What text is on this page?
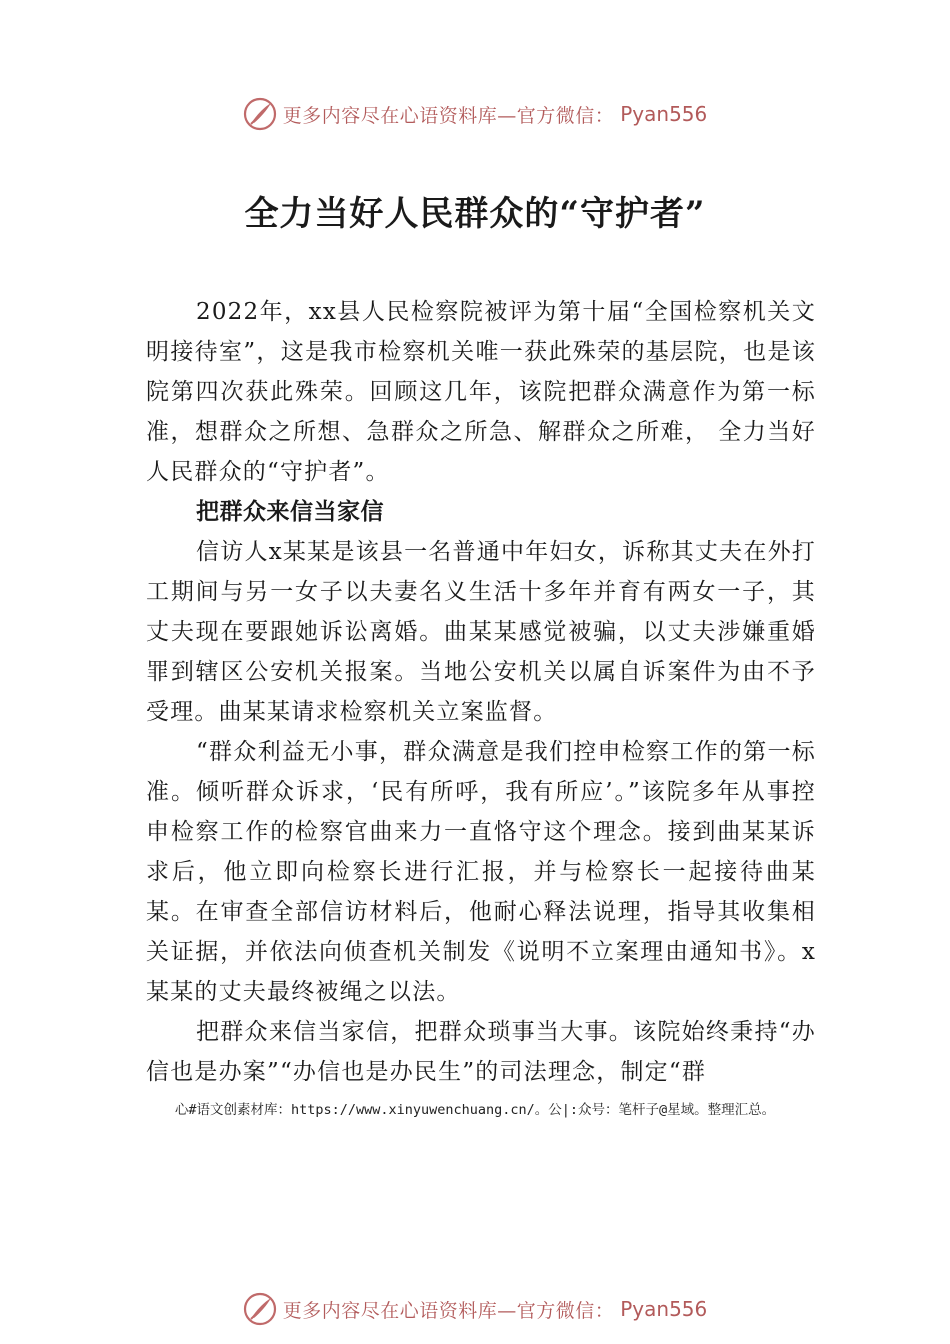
更多内容尽在心语资料库—官方微信： Pyan556
全力当好人民群众的“守护者”

2022年，xx县人民检察院被评为第十届“全国检察机关文明接待室”，这是我市检察机关唯一获此殊荣的基层院，也是该院第四次获此殊荣。回顾这几年，该院把群众满意作为第一标准，想群众之所想、急群众之所急、解群众之所难， 全力当好人民群众的“守护者”。

把群众来信当家信

信访人x某某是该县一名普通中年妇女，诉称其丈夫在外打工期间与另一女子以夫妻名义生活十多年并育有两女一子，其丈夫现在要跟她诉讼离婚。曲某某感觉被骗，以丈夫涉嫌重婚罪到辖区公安机关报案。当地公安机关以属自诉案件为由不予受理。曲某某请求检察机关立案监督。

“群众利益无小事，群众满意是我们控申检察工作的第一标准。倾听群众诉求，‘民有所呼，我有所应’。”该院多年从事控申检察工作的检察官曲来力一直恪守这个理念。接到曲某某诉求后，他立即向检察长进行汇报，并与检察长一起接待曲某某。在审查全部信访材料后，他耐心释法说理，指导其收集相关证据，并依法向侦查机关制发《说明不立案理由通知书》。x某某的丈夫最终被绳之以法。

把群众来信当家信，把群众琐事当大事。该院始终秉持“办信也是办案”“办信也是办民生”的司法理念，制定“群

心#语文创素材库：https://www.xinyuwenchuang.cn/。公|:众号：笔杆子@星域。整理汇总。
更多内容尽在心语资料库—官方微信： Pyan556
